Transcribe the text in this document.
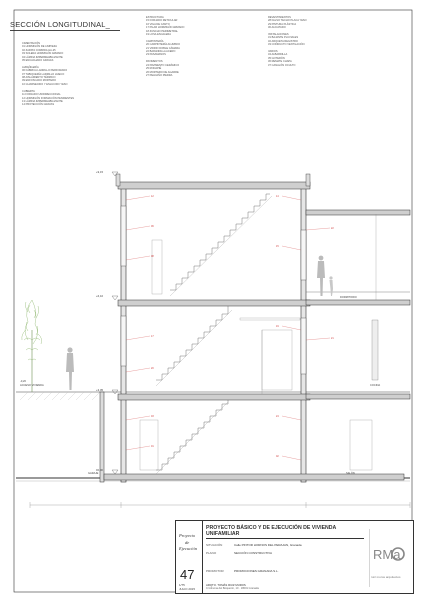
SECCIÓN LONGITUDINAL_
CIMENTACIÓN
01 HORMIGÓN DE LIMPIEZA
02 ZAPATA CORRIDA HA-25
03 SOLERA HORMIGÓN ARMADO
04 LÁMINA IMPERMEABILIZANTE
05 ENCACHADO GRAVAS

ALBAÑILERÍA
06 FÁBRICA LADRILLO PERFORADO
07 TABIQUERÍA LADRILLO HUECO
08 AISLAMIENTO TÉRMICO
09 ENFOSCADO MORTERO
10 GUARNECIDO Y ENLUCIDO YESO

CUBIERTA
11 FORJADO UNIDIRECCIONAL
12 HORMIGÓN FORMACIÓN PENDIENTES
13 LÁMINA IMPERMEABILIZANTE
14 PROTECCIÓN GRAVAS
ESTRUCTURA
15 FORJADO RETICULAR
16 VIGA DE CANTO
17 PILAR HORMIGÓN ARMADO
18 ZUNCHO PERIMETRAL
19 LOSA ESCALERA

CARPINTERÍA
20 CARPINTERÍA ALUMINIO
21 VIDRIO DOBLE CÁMARA
22 BARANDILLA ACERO
23 PASAMANOS

PAVIMENTOS
24 PAVIMENTO CERÁMICO
25 RODAPIÉ
26 MORTERO DE AGARRE
27 PELDAÑO PIEDRA
REVESTIMIENTOS
28 FALSO TECHO PLACA YESO
29 PINTURA PLÁSTICA
30 ALICATADO

INSTALACIONES
31 BAJANTE PLUVIALES
32 ARQUETA REGISTRO
33 CONDUCTO VENTILACIÓN

VARIOS
34 ALBARDILLA
35 GOTERÓN
36 REMATE CHAPA
37 CANALÓN OCULTO
12
06
08
17
20
03
01
14
15
19
24
02
22
21
+9,15
+6,10
+3,05
±0,00
-0,20
ACCESO VIVIENDA	COCINA
DORMITORIO
GARAJE	SALÓN
Proyecto
de
Ejecución
47
1/75
JULIO 2015
PROYECTO BÁSICO Y DE EJECUCIÓN DE VIVIENDA UNIFAMILIAR
SITUACIÓN	Calle PINTOR HORNOS DEL PERAJAN, Granada
PLANO	SECCIÓN CONSTRUCTIVA
PROMOTOR	PROMOCIONES GRANADA S.L.
ARQTO. TOMÁS RUIZ MUROS
C/ Almona del Boquerón, 10 · 18001 Granada
RMa
ruiz muros arquitectos
